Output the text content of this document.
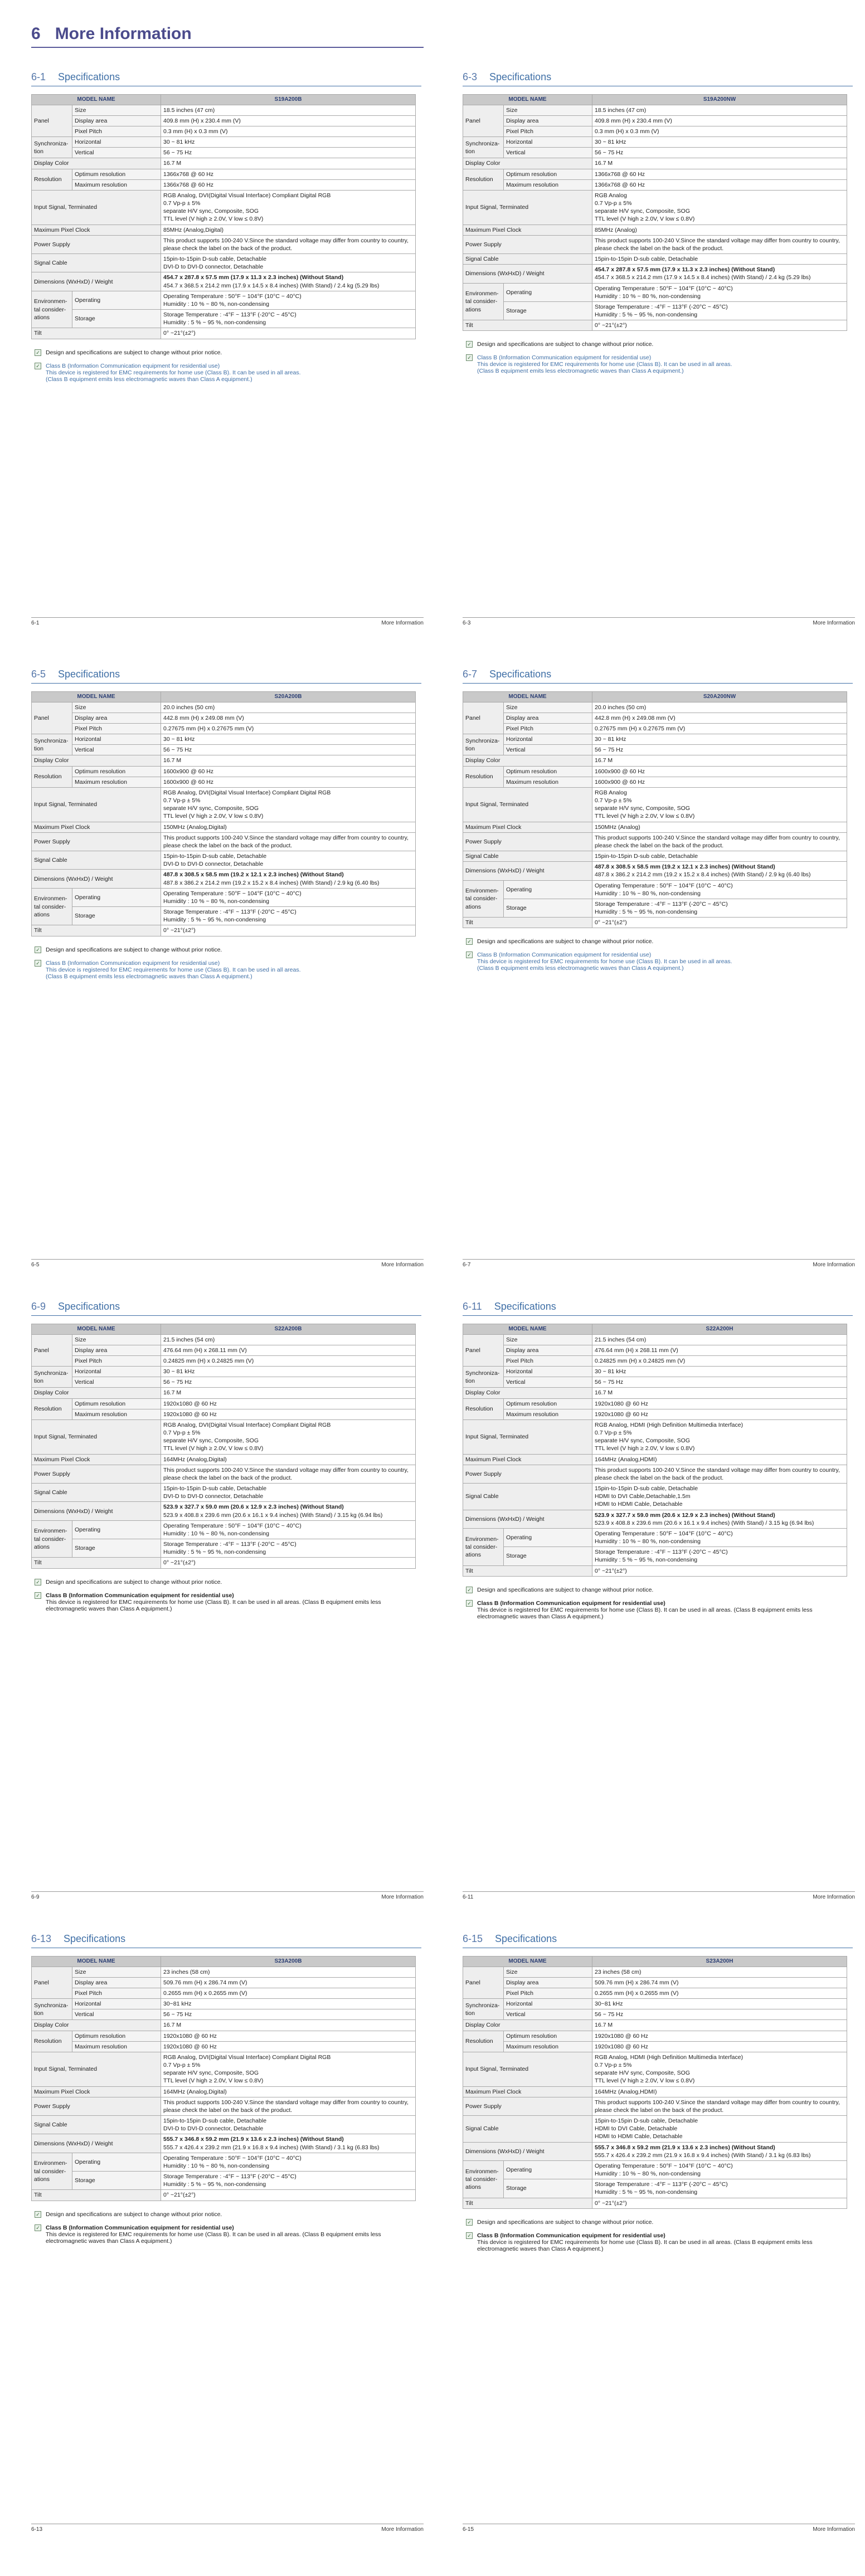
6 More Information
6-1 Specifications
MODEL NAME		S19A200B
Panel	Size	18.5 inches (47 cm)

	Display area	409.8 mm (H) x 230.4 mm (V)

	Pixel Pitch	0.3 mm (H) x 0.3 mm (V)

Synchroniza-tion	Horizontal	30 ~ 81 kHz

	Vertical	56 ~ 75 Hz

Display Color		16.7 M

Resolution	Optimum resolution	1366x768 @ 60 Hz

	Maximum resolution	1366x768 @ 60 Hz

Input Signal, Terminated		RGB Analog, DVI(Digital Visual Interface) Compliant Digital RGB
0.7 Vp-p ± 5%
separate H/V sync, Composite, SOG
TTL level (V high ≥ 2.0V, V low ≤ 0.8V)

Maximum Pixel Clock		85MHz (Analog,Digital)

Power Supply		This product supports 100-240 V.Since the standard voltage may differ from country to country, please check the label on the back of the product.

Signal Cable		15pin-to-15pin D-sub cable, Detachable
DVI-D to DVI-D connector, Detachable

Dimensions (WxHxD) / Weight		454.7 x 287.8 x 57.5 mm (17.9 x 11.3 x 2.3 inches) (Without Stand)
454.7 x 368.5 x 214.2 mm (17.9 x 14.5 x 8.4 inches) (With Stand) / 2.4 kg (5.29 lbs)

Environmen-tal consider-ations	Operating	Operating Temperature : 50°F ~ 104°F (10°C ~ 40°C)
Humidity : 10 % ~ 80 %, non-condensing

	Storage	Storage Temperature : -4°F ~ 113°F (-20°C ~ 45°C)
Humidity : 5 % ~ 95 %, non-condensing

Tilt		0° ~21°(±2°)
✓ Design and specifications are subject to change without prior notice.
✓ Class B (Information Communication equipment for residential use)
This device is registered for EMC requirements for home use (Class B). It can be used in all areas.
(Class B equipment emits less electromagnetic waves than Class A equipment.)
6-1	More Information
6-3 Specifications
MODEL NAME		S19A200NW
Panel	Size	18.5 inches (47 cm)

	Display area	409.8 mm (H) x 230.4 mm (V)

	Pixel Pitch	0.3 mm (H) x 0.3 mm (V)

Synchroniza-tion	Horizontal	30 ~ 81 kHz

	Vertical	56 ~ 75 Hz

Display Color		16.7 M

Resolution	Optimum resolution	1366x768 @ 60 Hz

	Maximum resolution	1366x768 @ 60 Hz

Input Signal, Terminated		RGB Analog
0.7 Vp-p ± 5%
separate H/V sync, Composite, SOG
TTL level (V high ≥ 2.0V, V low ≤ 0.8V)

Maximum Pixel Clock		85MHz (Analog)

Power Supply		This product supports 100-240 V.Since the standard voltage may differ from country to country, please check the label on the back of the product.

Signal Cable		15pin-to-15pin D-sub cable, Detachable

Dimensions (WxHxD) / Weight		454.7 x 287.8 x 57.5 mm (17.9 x 11.3 x 2.3 inches) (Without Stand)
454.7 x 368.5 x 214.2 mm (17.9 x 14.5 x 8.4 inches) (With Stand) / 2.4 kg (5.29 lbs)

Environmen-tal consider-ations	Operating	Operating Temperature : 50°F ~ 104°F (10°C ~ 40°C)
Humidity : 10 % ~ 80 %, non-condensing

	Storage	Storage Temperature : -4°F ~ 113°F (-20°C ~ 45°C)
Humidity : 5 % ~ 95 %, non-condensing

Tilt		0° ~21°(±2°)
✓ Design and specifications are subject to change without prior notice.
✓ Class B (Information Communication equipment for residential use)
This device is registered for EMC requirements for home use (Class B). It can be used in all areas.
(Class B equipment emits less electromagnetic waves than Class A equipment.)
6-3	More Information
6-5 Specifications
MODEL NAME		S20A200B
Panel	Size	20.0 inches (50 cm)

	Display area	442.8 mm (H) x 249.08 mm (V)

	Pixel Pitch	0.27675 mm (H) x 0.27675 mm (V)

Synchroniza-tion	Horizontal	30 ~ 81 kHz

	Vertical	56 ~ 75 Hz

Display Color		16.7 M

Resolution	Optimum resolution	1600x900 @ 60 Hz

	Maximum resolution	1600x900 @ 60 Hz

Input Signal, Terminated		RGB Analog, DVI(Digital Visual Interface) Compliant Digital RGB
0.7 Vp-p ± 5%
separate H/V sync, Composite, SOG
TTL level (V high ≥ 2.0V, V low ≤ 0.8V)

Maximum Pixel Clock		150MHz (Analog,Digital)

Power Supply		This product supports 100-240 V.Since the standard voltage may differ from country to country, please check the label on the back of the product.

Signal Cable		15pin-to-15pin D-sub cable, Detachable
DVI-D to DVI-D connector, Detachable

Dimensions (WxHxD) / Weight		487.8 x 308.5 x 58.5 mm (19.2 x 12.1 x 2.3 inches) (Without Stand)
487.8 x 386.2 x 214.2 mm (19.2 x 15.2 x 8.4 inches) (With Stand) / 2.9 kg (6.40 lbs)

Environmen-tal consider-ations	Operating	Operating Temperature : 50°F ~ 104°F (10°C ~ 40°C)
Humidity : 10 % ~ 80 %, non-condensing

	Storage	Storage Temperature : -4°F ~ 113°F (-20°C ~ 45°C)
Humidity : 5 % ~ 95 %, non-condensing

Tilt		0° ~21°(±2°)
✓ Design and specifications are subject to change without prior notice.
✓ Class B (Information Communication equipment for residential use)
This device is registered for EMC requirements for home use (Class B). It can be used in all areas.
(Class B equipment emits less electromagnetic waves than Class A equipment.)
6-5	More Information
6-7 Specifications
MODEL NAME		S20A200NW
Panel	Size	20.0 inches (50 cm)

	Display area	442.8 mm (H) x 249.08 mm (V)

	Pixel Pitch	0.27675 mm (H) x 0.27675 mm (V)

Synchroniza-tion	Horizontal	30 ~ 81 kHz

	Vertical	56 ~ 75 Hz

Display Color		16.7 M

Resolution	Optimum resolution	1600x900 @ 60 Hz

	Maximum resolution	1600x900 @ 60 Hz

Input Signal, Terminated		RGB Analog
0.7 Vp-p ± 5%
separate H/V sync, Composite, SOG
TTL level (V high ≥ 2.0V, V low ≤ 0.8V)

Maximum Pixel Clock		150MHz (Analog)

Power Supply		This product supports 100-240 V.Since the standard voltage may differ from country to country, please check the label on the back of the product.

Signal Cable		15pin-to-15pin D-sub cable, Detachable

Dimensions (WxHxD) / Weight		487.8 x 308.5 x 58.5 mm (19.2 x 12.1 x 2.3 inches) (Without Stand)
487.8 x 386.2 x 214.2 mm (19.2 x 15.2 x 8.4 inches) (With Stand) / 2.9 kg (6.40 lbs)

Environmen-tal consider-ations	Operating	Operating Temperature : 50°F ~ 104°F (10°C ~ 40°C)
Humidity : 10 % ~ 80 %, non-condensing

	Storage	Storage Temperature : -4°F ~ 113°F (-20°C ~ 45°C)
Humidity : 5 % ~ 95 %, non-condensing

Tilt		0° ~21°(±2°)
✓ Design and specifications are subject to change without prior notice.
✓ Class B (Information Communication equipment for residential use)
This device is registered for EMC requirements for home use (Class B). It can be used in all areas.
(Class B equipment emits less electromagnetic waves than Class A equipment.)
6-7	More Information
6-9 Specifications
MODEL NAME		S22A200B
Panel	Size	21.5 inches (54 cm)

	Display area	476.64 mm (H) x 268.11 mm (V)

	Pixel Pitch	0.24825 mm (H) x 0.24825 mm (V)

Synchroniza-tion	Horizontal	30 ~ 81 kHz

	Vertical	56 ~ 75 Hz

Display Color		16.7 M

Resolution	Optimum resolution	1920x1080 @ 60 Hz

	Maximum resolution	1920x1080 @ 60 Hz

Input Signal, Terminated		RGB Analog, DVI(Digital Visual Interface) Compliant Digital RGB
0.7 Vp-p ± 5%
separate H/V sync, Composite, SOG
TTL level (V high ≥ 2.0V, V low ≤ 0.8V)

Maximum Pixel Clock		164MHz (Analog,Digital)

Power Supply		This product supports 100-240 V.Since the standard voltage may differ from country to country, please check the label on the back of the product.

Signal Cable		15pin-to-15pin D-sub cable, Detachable
DVI-D to DVI-D connector, Detachable

Dimensions (WxHxD) / Weight		523.9 x 327.7 x 59.0 mm (20.6 x 12.9 x 2.3 inches) (Without Stand)
523.9 x 408.8 x 239.6 mm (20.6 x 16.1 x 9.4 inches) (With Stand) / 3.15 kg (6.94 lbs)

Environmen-tal consider-ations	Operating	Operating Temperature : 50°F ~ 104°F (10°C ~ 40°C)
Humidity : 10 % ~ 80 %, non-condensing

	Storage	Storage Temperature : -4°F ~ 113°F (-20°C ~ 45°C)
Humidity : 5 % ~ 95 %, non-condensing

Tilt		0° ~21°(±2°)
✓ Design and specifications are subject to change without prior notice.
✓ Class B (Information Communication equipment for residential use)
This device is registered for EMC requirements for home use (Class B). It can be used in all areas. (Class B equipment emits less electromagnetic waves than Class A equipment.)
6-9	More Information
6-11 Specifications
MODEL NAME		S22A200H
Panel	Size	21.5 inches (54 cm)

	Display area	476.64 mm (H) x 268.11 mm (V)

	Pixel Pitch	0.24825 mm (H) x 0.24825 mm (V)

Synchroniza-tion	Horizontal	30 ~ 81 kHz

	Vertical	56 ~ 75 Hz

Display Color		16.7 M

Resolution	Optimum resolution	1920x1080 @ 60 Hz

	Maximum resolution	1920x1080 @ 60 Hz

Input Signal, Terminated		RGB Analog, HDMI (High Definition Multimedia Interface)
0.7 Vp-p ± 5%
separate H/V sync, Composite, SOG
TTL level (V high ≥ 2.0V, V low ≤ 0.8V)

Maximum Pixel Clock		164MHz (Analog,HDMI)

Power Supply		This product supports 100-240 V.Since the standard voltage may differ from country to country, please check the label on the back of the product.

Signal Cable		15pin-to-15pin D-sub cable, Detachable
HDMI to DVI Cable,Detachable,1.5m
HDMI to HDMI Cable, Detachable

Dimensions (WxHxD) / Weight		523.9 x 327.7 x 59.0 mm (20.6 x 12.9 x 2.3 inches) (Without Stand)
523.9 x 408.8 x 239.6 mm (20.6 x 16.1 x 9.4 inches) (With Stand) / 3.15 kg (6.94 lbs)

Environmen-tal consider-ations	Operating	Operating Temperature : 50°F ~ 104°F (10°C ~ 40°C)
Humidity : 10 % ~ 80 %, non-condensing

	Storage	Storage Temperature : -4°F ~ 113°F (-20°C ~ 45°C)
Humidity : 5 % ~ 95 %, non-condensing

Tilt		0° ~21°(±2°)
✓ Design and specifications are subject to change without prior notice.
✓ Class B (Information Communication equipment for residential use)
This device is registered for EMC requirements for home use (Class B). It can be used in all areas. (Class B equipment emits less electromagnetic waves than Class A equipment.)
6-11	More Information
6-13 Specifications
MODEL NAME		S23A200B
Panel	Size	23 inches (58 cm)

	Display area	509.76 mm (H) x 286.74 mm (V)

	Pixel Pitch	0.2655 mm (H) x 0.2655 mm (V)

Synchroniza-tion	Horizontal	30~81 kHz

	Vertical	56 ~ 75 Hz

Display Color		16.7 M

Resolution	Optimum resolution	1920x1080 @ 60 Hz

	Maximum resolution	1920x1080 @ 60 Hz

Input Signal, Terminated		RGB Analog, DVI(Digital Visual Interface) Compliant Digital RGB
0.7 Vp-p ± 5%
separate H/V sync, Composite, SOG
TTL level (V high ≥ 2.0V, V low ≤ 0.8V)

Maximum Pixel Clock		164MHz (Analog,Digital)

Power Supply		This product supports 100-240 V.Since the standard voltage may differ from country to country, please check the label on the back of the product.

Signal Cable		15pin-to-15pin D-sub cable, Detachable
DVI-D to DVI-D connector, Detachable

Dimensions (WxHxD) / Weight		555.7 x 346.8 x 59.2 mm (21.9 x 13.6 x 2.3 inches) (Without Stand)
555.7 x 426.4 x 239.2 mm (21.9 x 16.8 x 9.4 inches) (With Stand) / 3.1 kg (6.83 lbs)

Environmen-tal consider-ations	Operating	Operating Temperature : 50°F ~ 104°F (10°C ~ 40°C)
Humidity : 10 % ~ 80 %, non-condensing

	Storage	Storage Temperature : -4°F ~ 113°F (-20°C ~ 45°C)
Humidity : 5 % ~ 95 %, non-condensing

Tilt		0° ~21°(±2°)
✓ Design and specifications are subject to change without prior notice.
✓ Class B (Information Communication equipment for residential use)
This device is registered for EMC requirements for home use (Class B). It can be used in all areas. (Class B equipment emits less electromagnetic waves than Class A equipment.)
6-13	More Information
6-15 Specifications
MODEL NAME		S23A200H
Panel	Size	23 inches (58 cm)

	Display area	509.76 mm (H) x 286.74 mm (V)

	Pixel Pitch	0.2655 mm (H) x 0.2655 mm (V)

Synchroniza-tion	Horizontal	30~81 kHz

	Vertical	56 ~ 75 Hz

Display Color		16.7 M

Resolution	Optimum resolution	1920x1080 @ 60 Hz

	Maximum resolution	1920x1080 @ 60 Hz

Input Signal, Terminated		RGB Analog, HDMI (High Definition Multimedia Interface)
0.7 Vp-p ± 5%
separate H/V sync, Composite, SOG
TTL level (V high ≥ 2.0V, V low ≤ 0.8V)

Maximum Pixel Clock		164MHz (Analog,HDMI)

Power Supply		This product supports 100-240 V.Since the standard voltage may differ from country to country, please check the label on the back of the product.

Signal Cable		15pin-to-15pin D-sub cable, Detachable
HDMI to DVI Cable, Detachable
HDMI to HDMI Cable, Detachable

Dimensions (WxHxD) / Weight		555.7 x 346.8 x 59.2 mm (21.9 x 13.6 x 2.3 inches) (Without Stand)
555.7 x 426.4 x 239.2 mm (21.9 x 16.8 x 9.4 inches) (With Stand) / 3.1 kg (6.83 lbs)

Environmen-tal consider-ations	Operating	Operating Temperature : 50°F ~ 104°F (10°C ~ 40°C)
Humidity : 10 % ~ 80 %, non-condensing

	Storage	Storage Temperature : -4°F ~ 113°F (-20°C ~ 45°C)
Humidity : 5 % ~ 95 %, non-condensing

Tilt		0° ~21°(±2°)
✓ Design and specifications are subject to change without prior notice.
✓ Class B (Information Communication equipment for residential use)
This device is registered for EMC requirements for home use (Class B). It can be used in all areas. (Class B equipment emits less electromagnetic waves than Class A equipment.)
6-15	More Information
